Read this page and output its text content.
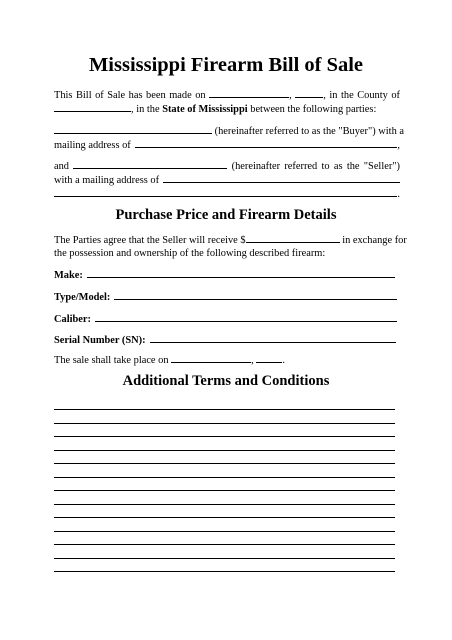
Mississippi Firearm Bill of Sale
This Bill of Sale has been made on	,	, in the County of
, in the State of Mississippi between the following parties:
(hereinafter referred to as the "Buyer") with a
mailing address of	,
and	(hereinafter referred to as the "Seller")
with a mailing address of
.
Purchase Price and Firearm Details
The Parties agree that the Seller will receive $	in exchange for
the possession and ownership of the following described firearm:
Make:
Type/Model:
Caliber:
Serial Number (SN):
The sale shall take place on	,	.
Additional Terms and Conditions
